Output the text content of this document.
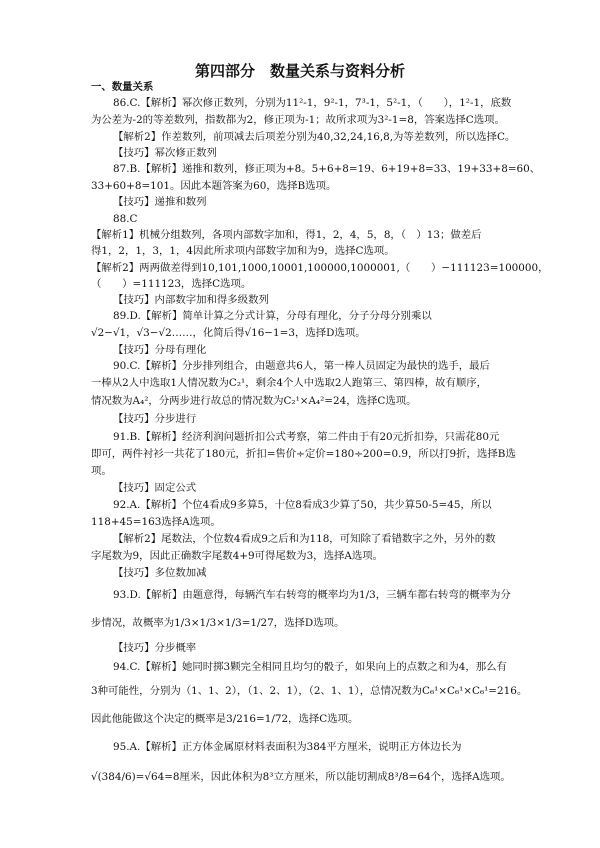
第四部分　数量关系与资料分析
一、数量关系
86.C.【解析】幂次修正数列，分别为11²-1，9²-1，7³-1，5²-1，（　　），1²-1，底数
为公差为-2的等差数列，指数都为2，修正项为-1；故所求项为3²-1=8，答案选择C选项。
【解析2】作差数列，前项减去后项差分别为40,32,24,16,8,为等差数列，所以选择C。
【技巧】幂次修正数列
87.B.【解析】递推和数列，修正项为+8。5+6+8=19、6+19+8=33、19+33+8=60、
33+60+8=101。因此本题答案为60，选择B选项。
【技巧】递推和数列
88.C
【解析1】机械分组数列，各项内部数字加和，得1，2，4，5，8，（　）13；做差后
得1，2，1，3，1，4因此所求项内部数字加和为9，选择C选项。
【解析2】两两做差得到10,101,1000,10001,100000,1000001,（　　）−111123=100000，
（　　）=111123，选择C选项。
【技巧】内部数字加和得多级数列
89.D.【解析】简单计算之分式计算，分母有理化，分子分母分别乘以
√2−√1，√3−√2……，化简后得√16−1=3，选择D选项。
【技巧】分母有理化
90.C.【解析】分步排列组合，由题意共6人，第一棒人员固定为最快的选手，最后
一棒从2人中选取1人情况数为C₂¹，剩余4个人中选取2人跑第三、第四棒，故有顺序，
情况数为A₄²，分两步进行故总的情况数为C₂¹×A₄²=24，选择C选项。
【技巧】分步进行
91.B.【解析】经济利润问题折扣公式考察，第二件由于有20元折扣券，只需花80元
即可，两件衬衫一共花了180元，折扣=售价÷定价=180÷200=0.9，所以打9折，选择B选
项。
【技巧】固定公式
92.A.【解析】个位4看成9多算5，十位8看成3少算了50，共少算50-5=45，所以
118+45=163选择A选项。
【解析2】尾数法，个位数4看成9之后和为118，可知除了看错数字之外，另外的数
字尾数为9，因此正确数字尾数4+9可得尾数为3，选择A选项。
【技巧】多位数加减
93.D.【解析】由题意得，每辆汽车右转弯的概率均为1/3，三辆车都右转弯的概率为分
步情况，故概率为1/3×1/3×1/3=1/27，选择D选项。
【技巧】分步概率
94.C.【解析】她同时掷3颗完全相同且均匀的骰子，如果向上的点数之和为4，那么有
3种可能性，分别为（1、1、2），（1、2、1），（2、1、1），总情况数为C₆¹×C₆¹×C₆¹=216。
因此他能做这个决定的概率是3/216=1/72，选择C选项。
95.A.【解析】正方体金属原材料表面积为384平方厘米，说明正方体边长为
√(384/6)=√64=8厘米，因此体积为8³立方厘米，所以能切割成8³/8=64个，选择A选项。
